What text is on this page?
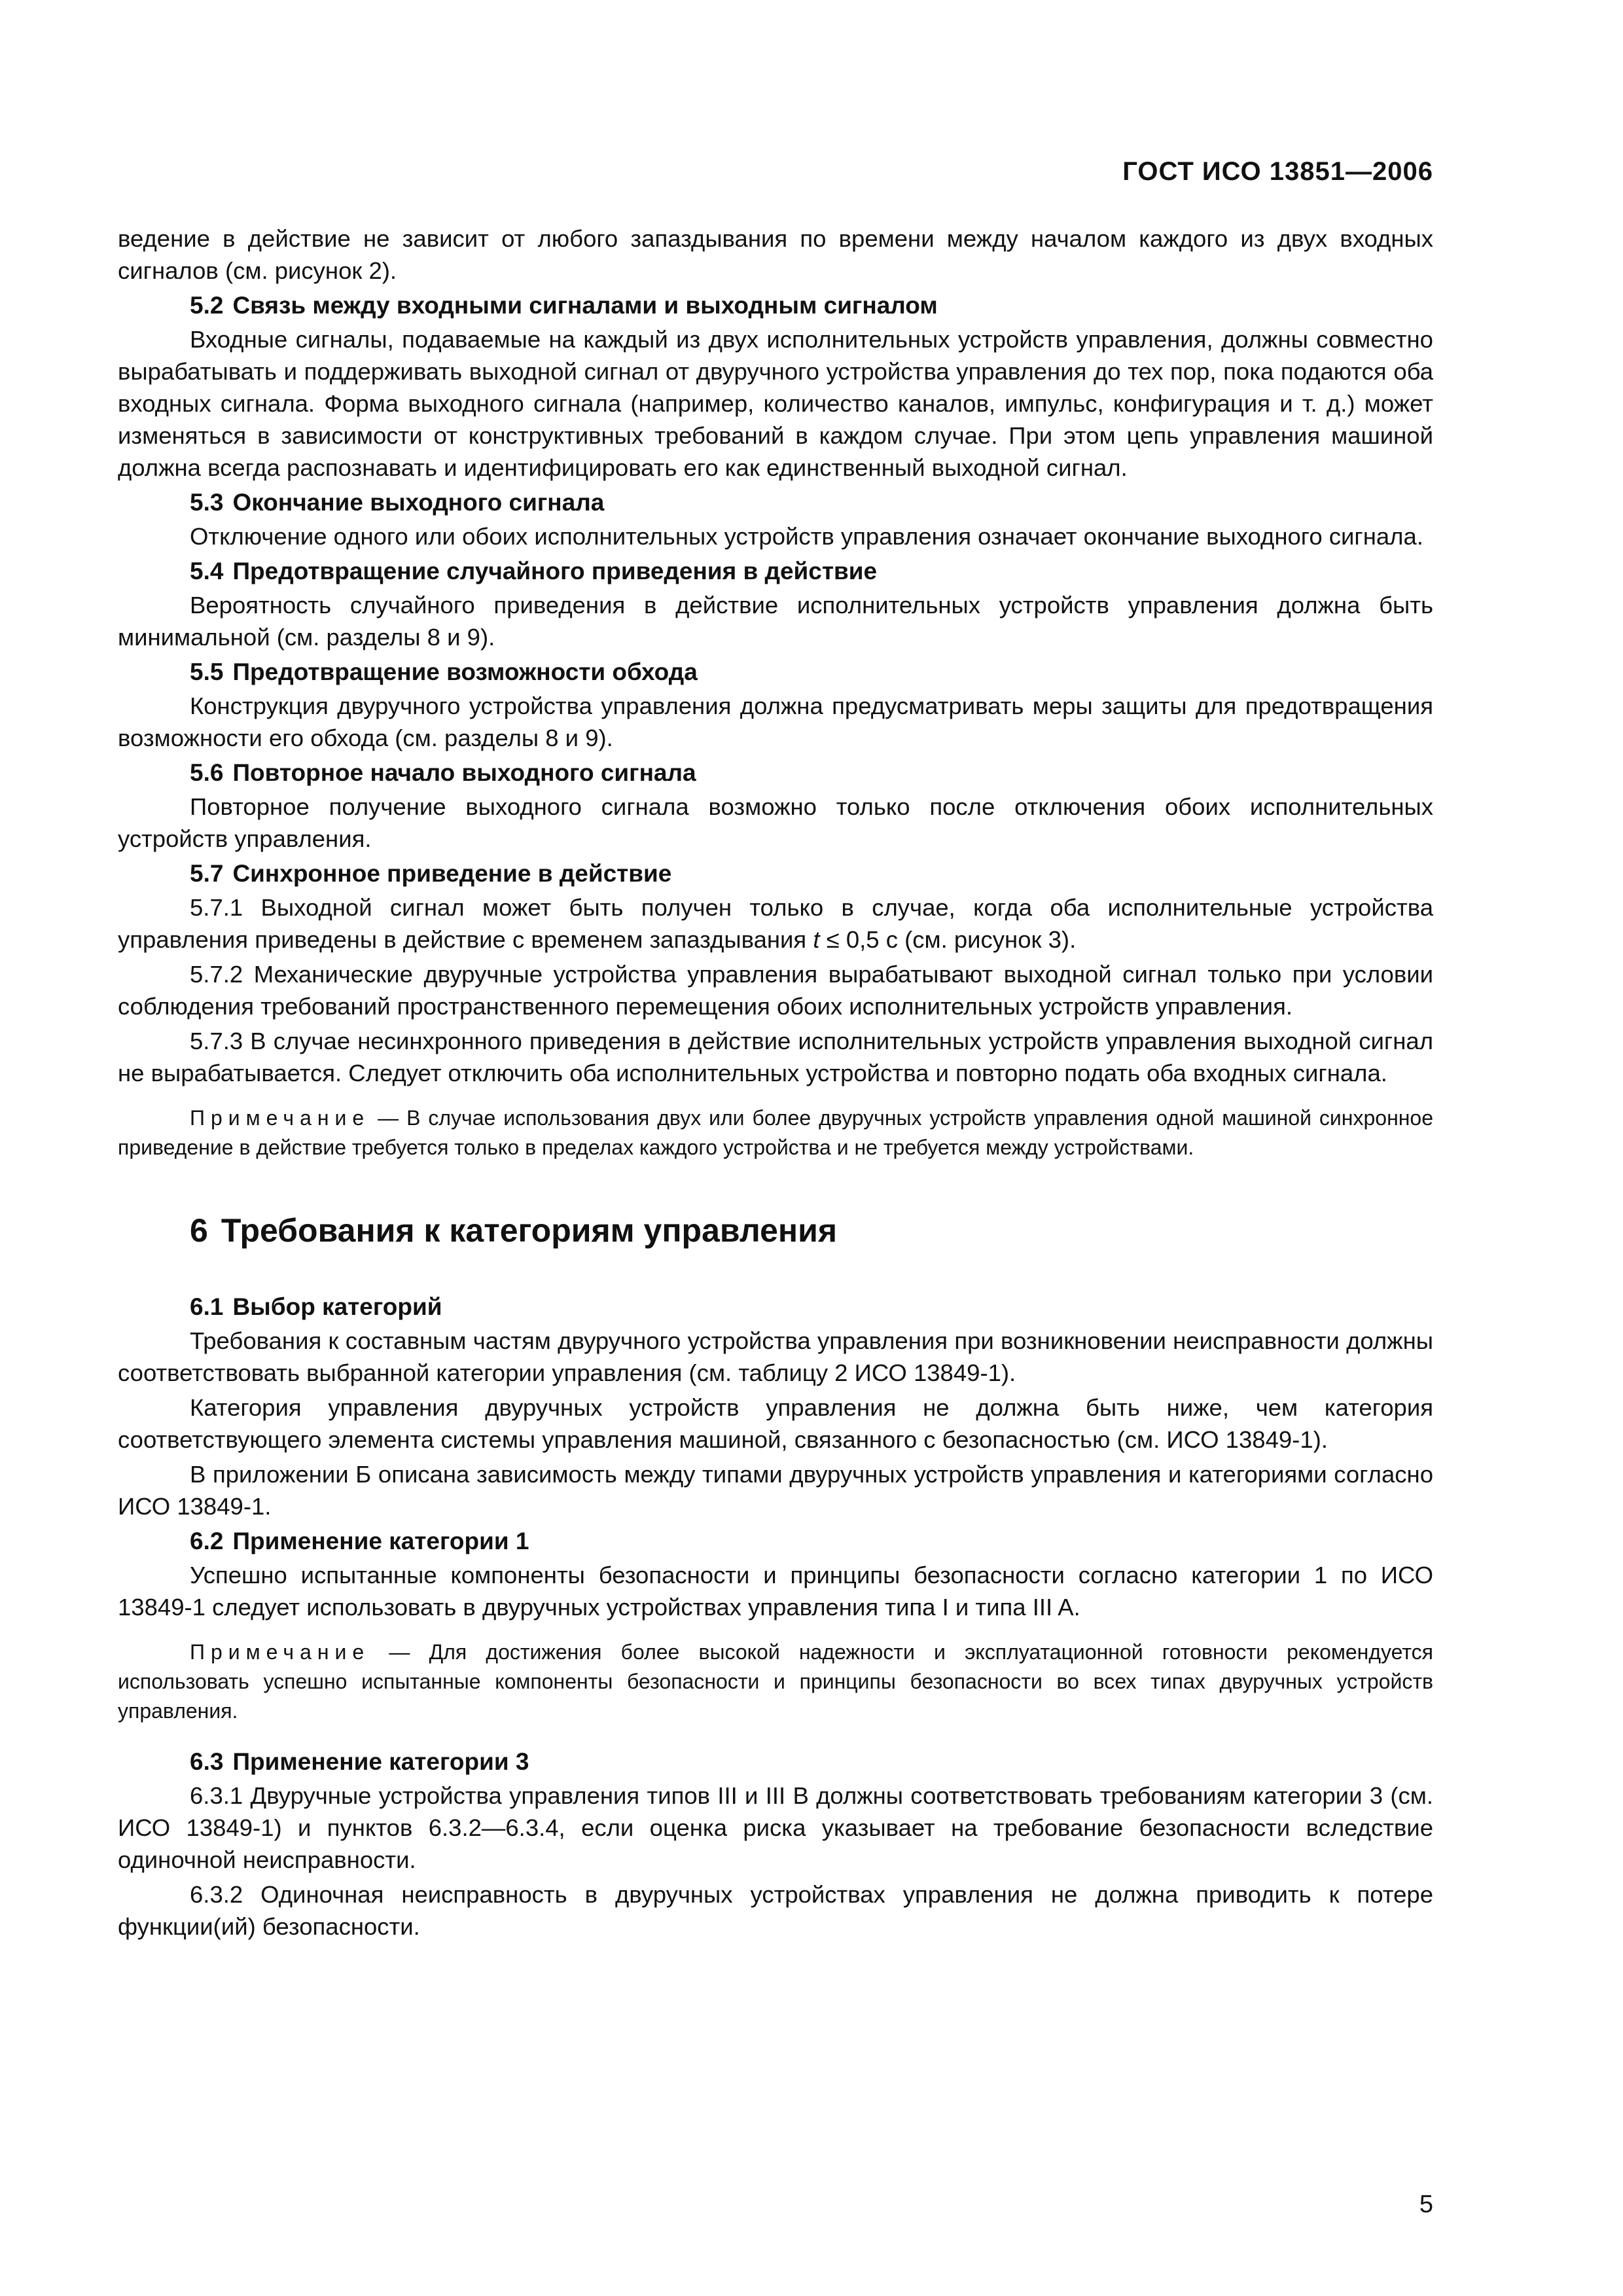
ГОСТ ИСО 13851—2006

ведение в действие не зависит от любого запаздывания по времени между началом каждого из двух входных сигналов (см. рисунок 2).

5.2 Связь между входными сигналами и выходным сигналом

Входные сигналы, подаваемые на каждый из двух исполнительных устройств управления, должны совместно вырабатывать и поддерживать выходной сигнал от двуручного устройства управления до тех пор, пока подаются оба входных сигнала. Форма выходного сигнала (например, количество каналов, импульс, конфигурация и т. д.) может изменяться в зависимости от конструктивных требований в каждом случае. При этом цепь управления машиной должна всегда распознавать и идентифицировать его как единственный выходной сигнал.

5.3 Окончание выходного сигнала

Отключение одного или обоих исполнительных устройств управления означает окончание выходного сигнала.

5.4 Предотвращение случайного приведения в действие

Вероятность случайного приведения в действие исполнительных устройств управления должна быть минимальной (см. разделы 8 и 9).

5.5 Предотвращение возможности обхода

Конструкция двуручного устройства управления должна предусматривать меры защиты для предотвращения возможности его обхода (см. разделы 8 и 9).

5.6 Повторное начало выходного сигнала

Повторное получение выходного сигнала возможно только после отключения обоих исполнительных устройств управления.

5.7 Синхронное приведение в действие

5.7.1 Выходной сигнал может быть получен только в случае, когда оба исполнительные устройства управления приведены в действие с временем запаздывания t ≤ 0,5 с (см. рисунок 3).

5.7.2 Механические двуручные устройства управления вырабатывают выходной сигнал только при условии соблюдения требований пространственного перемещения обоих исполнительных устройств управления.

5.7.3 В случае несинхронного приведения в действие исполнительных устройств управления выходной сигнал не вырабатывается. Следует отключить оба исполнительных устройства и повторно подать оба входных сигнала.

Примечание — В случае использования двух или более двуручных устройств управления одной машиной синхронное приведение в действие требуется только в пределах каждого устройства и не требуется между устройствами.
6 Требования к категориям управления
6.1 Выбор категорий

Требования к составным частям двуручного устройства управления при возникновении неисправности должны соответствовать выбранной категории управления (см. таблицу 2 ИСО 13849-1).

Категория управления двуручных устройств управления не должна быть ниже, чем категория соответствующего элемента системы управления машиной, связанного с безопасностью (см. ИСО 13849-1).

В приложении Б описана зависимость между типами двуручных устройств управления и категориями согласно ИСО 13849-1.

6.2 Применение категории 1

Успешно испытанные компоненты безопасности и принципы безопасности согласно категории 1 по ИСО 13849-1 следует использовать в двуручных устройствах управления типа I и типа III A.

Примечание — Для достижения более высокой надежности и эксплуатационной готовности рекомендуется использовать успешно испытанные компоненты безопасности и принципы безопасности во всех типах двуручных устройств управления.
6.3 Применение категории 3

6.3.1 Двуручные устройства управления типов III и III B должны соответствовать требованиям категории 3 (см. ИСО 13849-1) и пунктов 6.3.2—6.3.4, если оценка риска указывает на требование безопасности вследствие одиночной неисправности.

6.3.2 Одиночная неисправность в двуручных устройствах управления не должна приводить к потере функции(ий) безопасности.

5
